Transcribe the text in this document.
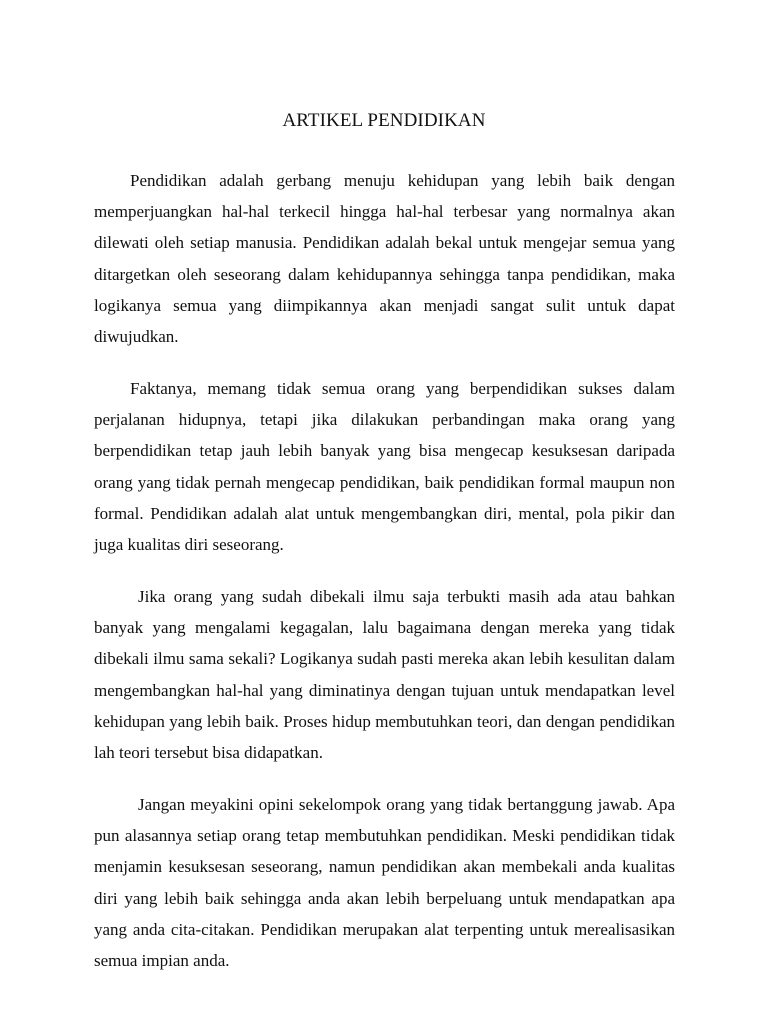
ARTIKEL PENDIDIKAN

Pendidikan adalah gerbang menuju kehidupan yang lebih baik dengan memperjuangkan hal-hal terkecil hingga hal-hal terbesar yang normalnya akan dilewati oleh setiap manusia. Pendidikan adalah bekal untuk mengejar semua yang ditargetkan oleh seseorang dalam kehidupannya sehingga tanpa pendidikan, maka logikanya semua yang diimpikannya akan menjadi sangat sulit untuk dapat diwujudkan.

Faktanya, memang tidak semua orang yang berpendidikan sukses dalam perjalanan hidupnya, tetapi jika dilakukan perbandingan maka orang yang berpendidikan tetap jauh lebih banyak yang bisa mengecap kesuksesan daripada orang yang tidak pernah mengecap pendidikan, baik pendidikan formal maupun non formal. Pendidikan adalah alat untuk mengembangkan diri, mental, pola pikir dan juga kualitas diri seseorang.

Jika orang yang sudah dibekali ilmu saja terbukti masih ada atau bahkan banyak yang mengalami kegagalan, lalu bagaimana dengan mereka yang tidak dibekali ilmu sama sekali? Logikanya sudah pasti mereka akan lebih kesulitan dalam mengembangkan hal-hal yang diminatinya dengan tujuan untuk mendapatkan level kehidupan yang lebih baik. Proses hidup membutuhkan teori, dan dengan pendidikan lah teori tersebut bisa didapatkan.

Jangan meyakini opini sekelompok orang yang tidak bertanggung jawab. Apa pun alasannya setiap orang tetap membutuhkan pendidikan. Meski pendidikan tidak menjamin kesuksesan seseorang, namun pendidikan akan membekali anda kualitas diri yang lebih baik sehingga anda akan lebih berpeluang untuk mendapatkan apa yang anda cita-citakan. Pendidikan merupakan alat terpenting untuk merealisasikan semua impian anda.
